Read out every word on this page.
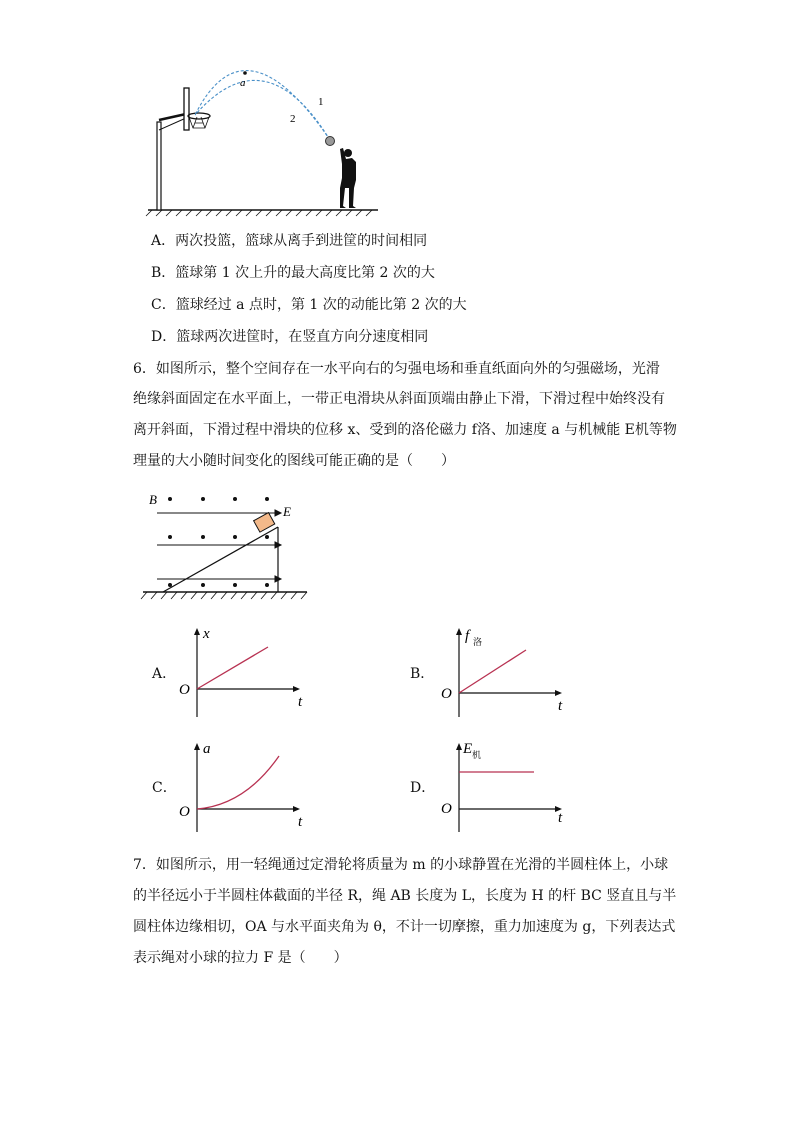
a
1
2
A．两次投篮，篮球从离手到进筐的时间相同
B．篮球第 1 次上升的最大高度比第 2 次的大
C．篮球经过 a 点时，第 1 次的动能比第 2 次的大
D．篮球两次进筐时，在竖直方向分速度相同
6．如图所示，整个空间存在一水平向右的匀强电场和垂直纸面向外的匀强磁场，光滑
绝缘斜面固定在水平面上，一带正电滑块从斜面顶端由静止下滑，下滑过程中始终没有
离开斜面，下滑过程中滑块的位移 x、受到的洛伦磁力 f洛、加速度 a 与机械能 E机等物
理量的大小随时间变化的图线可能正确的是（　　）
B
E
A．
x
t
O
B．
f 洛
t
O
C．
a
t
O
D．
E 机
t
O
7．如图所示，用一轻绳通过定滑轮将质量为 m 的小球静置在光滑的半圆柱体上，小球
的半径远小于半圆柱体截面的半径 R，绳 AB 长度为 L，长度为 H 的杆 BC 竖直且与半
圆柱体边缘相切，OA 与水平面夹角为 θ，不计一切摩擦，重力加速度为 g，下列表达式
表示绳对小球的拉力 F 是（　　）
